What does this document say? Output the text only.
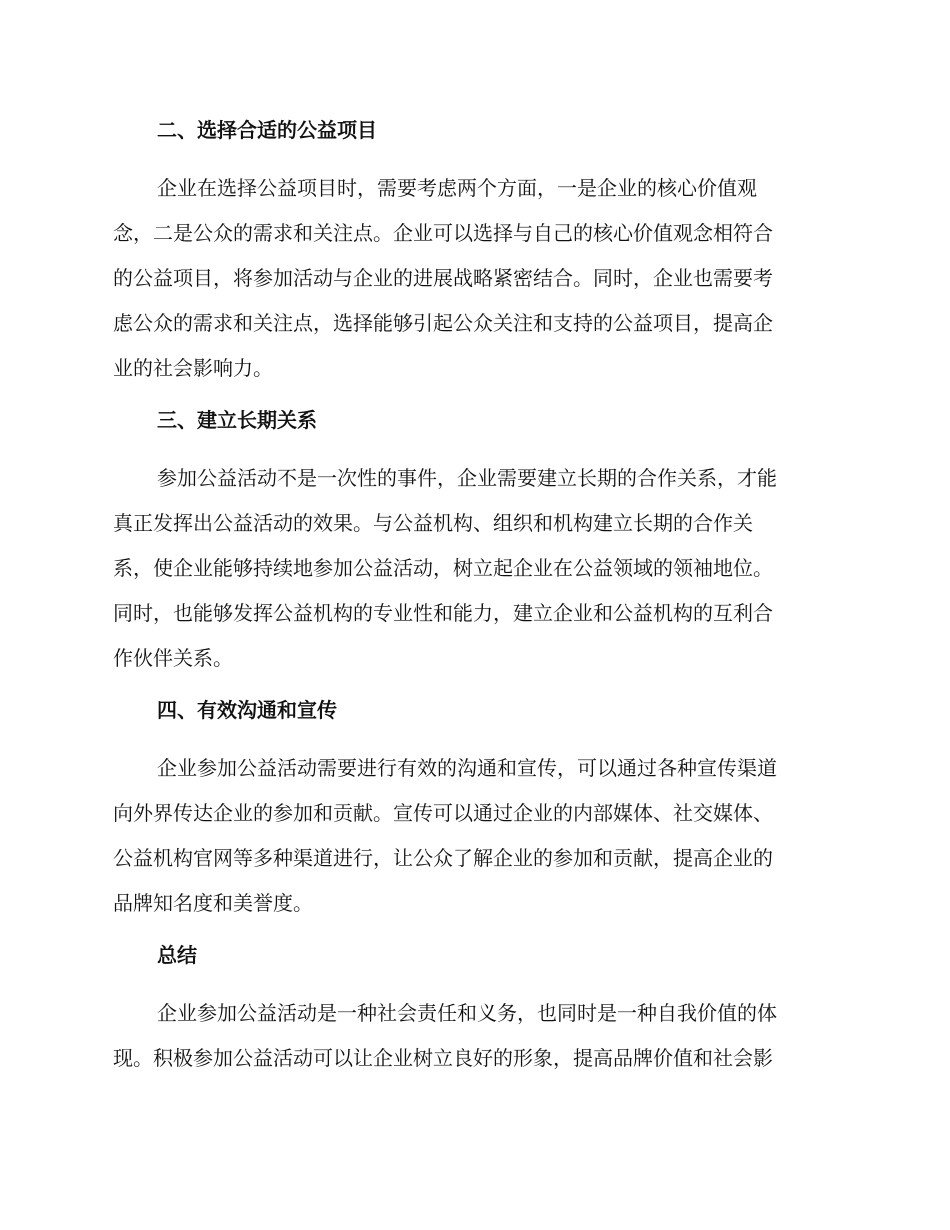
二、选择合适的公益项目

企业在选择公益项目时，需要考虑两个方面，一是企业的核心价值观
念，二是公众的需求和关注点。企业可以选择与自己的核心价值观念相符合
的公益项目，将参加活动与企业的进展战略紧密结合。同时，企业也需要考
虑公众的需求和关注点，选择能够引起公众关注和支持的公益项目，提高企
业的社会影响力。

三、建立长期关系

参加公益活动不是一次性的事件，企业需要建立长期的合作关系，才能
真正发挥出公益活动的效果。与公益机构、组织和机构建立长期的合作关
系，使企业能够持续地参加公益活动，树立起企业在公益领域的领袖地位。
同时，也能够发挥公益机构的专业性和能力，建立企业和公益机构的互利合
作伙伴关系。

四、有效沟通和宣传

企业参加公益活动需要进行有效的沟通和宣传，可以通过各种宣传渠道
向外界传达企业的参加和贡献。宣传可以通过企业的内部媒体、社交媒体、
公益机构官网等多种渠道进行，让公众了解企业的参加和贡献，提高企业的
品牌知名度和美誉度。

总结

企业参加公益活动是一种社会责任和义务，也同时是一种自我价值的体
现。积极参加公益活动可以让企业树立良好的形象，提高品牌价值和社会影
